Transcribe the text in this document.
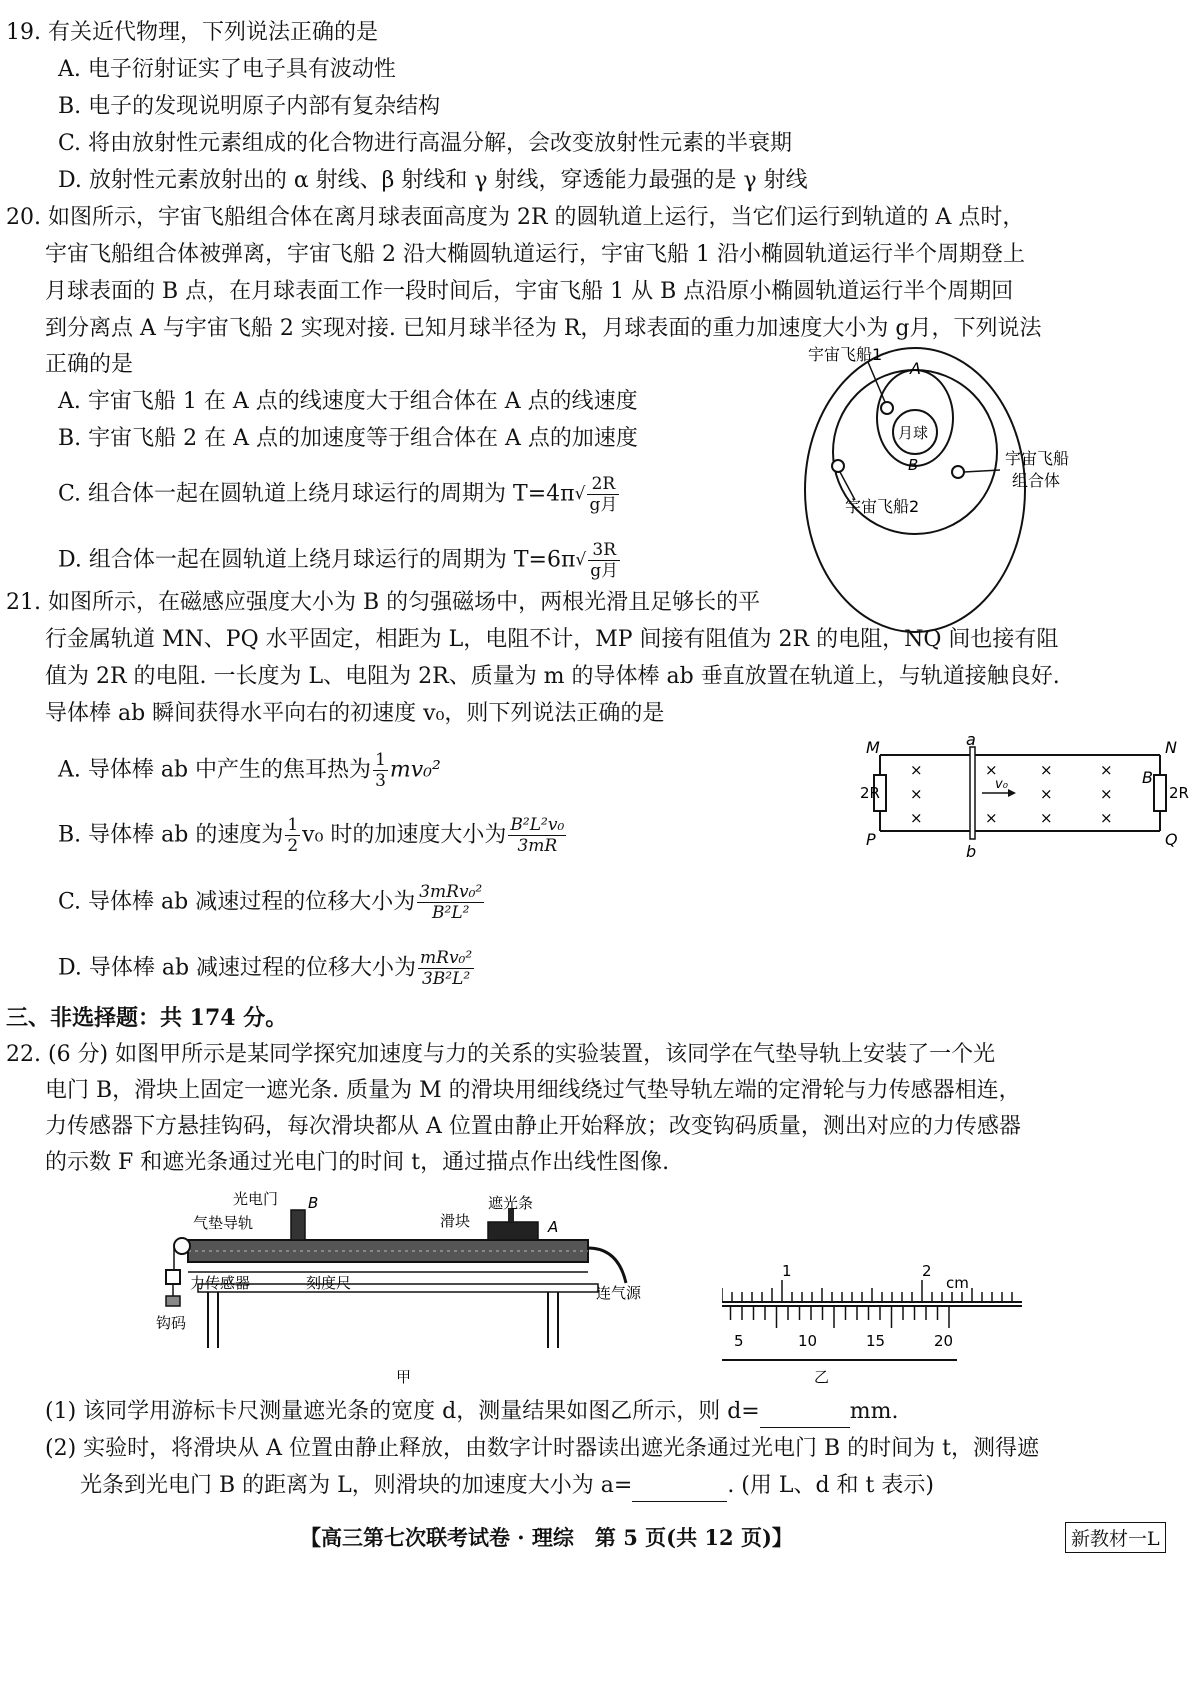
19. 有关近代物理，下列说法正确的是
A. 电子衍射证实了电子具有波动性
B. 电子的发现说明原子内部有复杂结构
C. 将由放射性元素组成的化合物进行高温分解，会改变放射性元素的半衰期
D. 放射性元素放射出的 α 射线、β 射线和 γ 射线，穿透能力最强的是 γ 射线
20. 如图所示，宇宙飞船组合体在离月球表面高度为 2R 的圆轨道上运行，当它们运行到轨道的 A 点时，
宇宙飞船组合体被弹离，宇宙飞船 2 沿大椭圆轨道运行，宇宙飞船 1 沿小椭圆轨道运行半个周期登上
月球表面的 B 点，在月球表面工作一段时间后，宇宙飞船 1 从 B 点沿原小椭圆轨道运行半个周期回
到分离点 A 与宇宙飞船 2 实现对接. 已知月球半径为 R，月球表面的重力加速度大小为 g月，下列说法
正确的是
A. 宇宙飞船 1 在 A 点的线速度大于组合体在 A 点的线速度
B. 宇宙飞船 2 在 A 点的加速度等于组合体在 A 点的加速度
C. 组合体一起在圆轨道上绕月球运行的周期为 $T=4\pi√ \frac{2R}{\text{g月}}$
D. 组合体一起在圆轨道上绕月球运行的周期为 $T=6\pi√ \frac{3R}{\text{g月}}$
宇宙飞船1
A
月球
B	宇宙飞船
组合体
宇宙飞船2
21. 如图所示，在磁感应强度大小为 B 的匀强磁场中，两根光滑且足够长的平
行金属轨道 MN、PQ 水平固定，相距为 L，电阻不计，MP 间接有阻值为 2R 的电阻，NQ 间也接有阻
值为 2R 的电阻. 一长度为 L、电阻为 2R、质量为 m 的导体棒 ab 垂直放置在轨道上，与轨道接触良好.
导体棒 ab 瞬间获得水平向右的初速度 v₀，则下列说法正确的是
A. 导体棒 ab 中产生的焦耳热为 $\frac{1}{3} mv_0^2$
B. 导体棒 ab 的速度为 $\frac{1}{2} v_0$ 时的加速度大小为 $\frac{\text{B²L²v₀}}{3mR}$
C. 导体棒 ab 减速过程的位移大小为 $\frac{\text{3mRv₀²}}{\text{B²L²}}$
D. 导体棒 ab 减速过程的位移大小为 $\frac{\text{mRv₀²}}{\text{3B²L²}}$
M	a	N
P
b
Q
B
2R	2R
v₀
×
×
×
×
×
×
×
×
×
×
×
三、非选择题：共 174 分。
22. (6 分) 如图甲所示是某同学探究加速度与力的关系的实验装置，该同学在气垫导轨上安装了一个光
电门 B，滑块上固定一遮光条. 质量为 M 的滑块用细线绕过气垫导轨左端的定滑轮与力传感器相连，
力传感器下方悬挂钩码，每次滑块都从 A 位置由静止开始释放；改变钩码质量，测出对应的力传感器
的示数 F 和遮光条通过光电门的时间 t，通过描点作出线性图像.
光电门 B
气垫导轨
遮光条
滑块	A
力传感器	刻度尺
连气源
钩码
甲
1	2
cm
5	10	15	20
乙
(1) 该同学用游标卡尺测量遮光条的宽度 d，测量结果如图乙所示，则 d=	mm.
(2) 实验时，将滑块从 A 位置由静止释放，由数字计时器读出遮光条通过光电门 B 的时间为 t，测得遮
光条到光电门 B 的距离为 L，则滑块的加速度大小为 a=	. (用 L、d 和 t 表示)
【高三第七次联考试卷 · 理综　第 5 页(共 12 页)】	新教材一L
